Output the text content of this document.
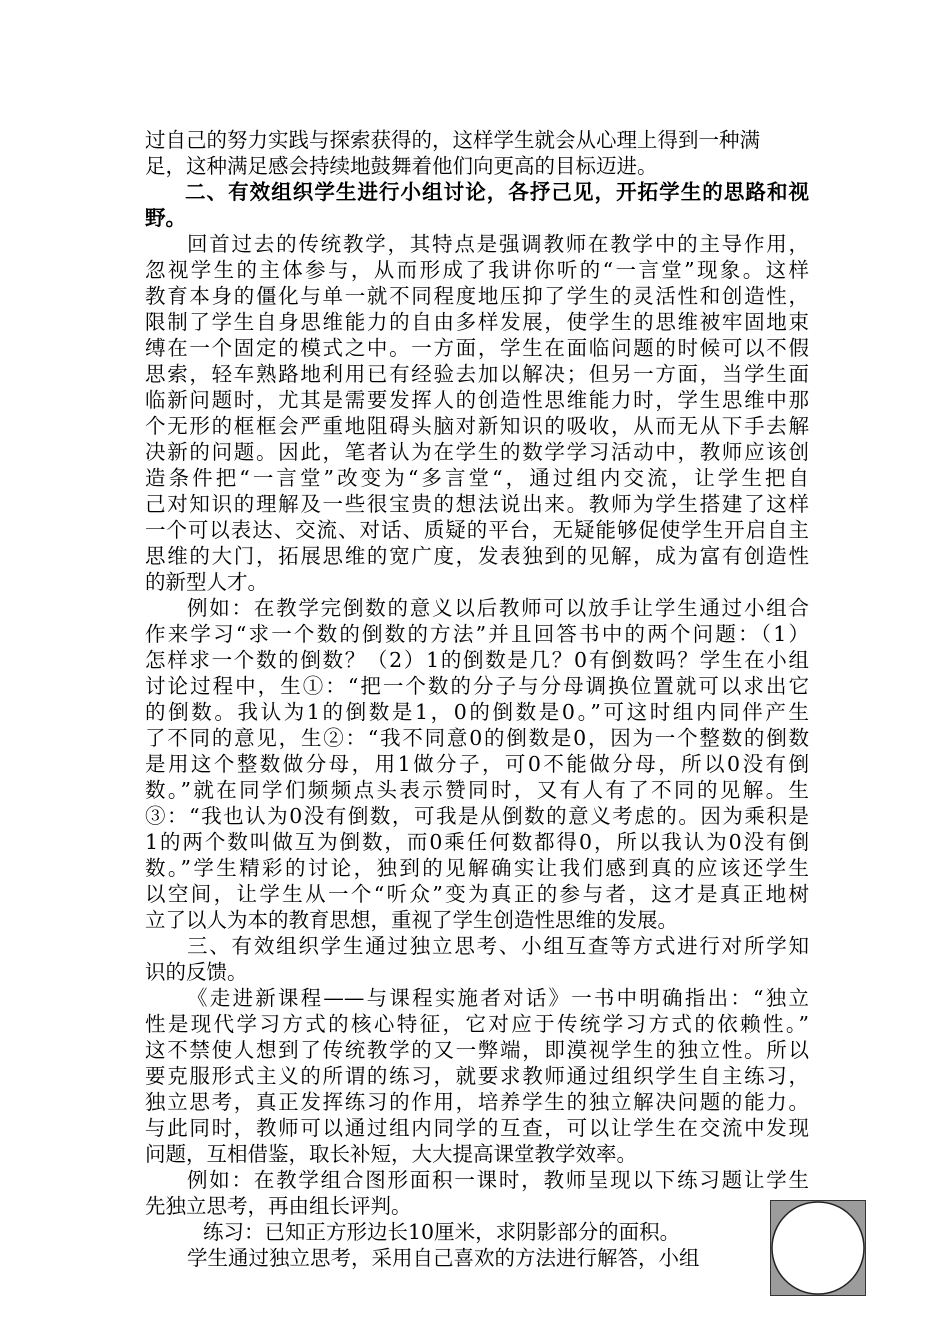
过自己的努力实践与探索获得的，这样学生就会从心理上得到一种满
足，这种满足感会持续地鼓舞着他们向更高的目标迈进。
二、有效组织学生进行小组讨论，各抒己见，开拓学生的思路和视
野。
回首过去的传统教学，其特点是强调教师在教学中的主导作用，
忽视学生的主体参与，从而形成了我讲你听的“一言堂”现象。这样
教育本身的僵化与单一就不同程度地压抑了学生的灵活性和创造性，
限制了学生自身思维能力的自由多样发展，使学生的思维被牢固地束
缚在一个固定的模式之中。一方面，学生在面临问题的时候可以不假
思索，轻车熟路地利用已有经验去加以解决；但另一方面，当学生面
临新问题时，尤其是需要发挥人的创造性思维能力时，学生思维中那
个无形的框框会严重地阻碍头脑对新知识的吸收，从而无从下手去解
决新的问题。因此，笔者认为在学生的数学学习活动中，教师应该创
造条件把“一言堂”改变为“多言堂“，通过组内交流，让学生把自
己对知识的理解及一些很宝贵的想法说出来。教师为学生搭建了这样
一个可以表达、交流、对话、质疑的平台，无疑能够促使学生开启自主
思维的大门，拓展思维的宽广度，发表独到的见解，成为富有创造性
的新型人才。
例如：在教学完倒数的意义以后教师可以放手让学生通过小组合
作来学习“求一个数的倒数的方法”并且回答书中的两个问题：（1）
怎样求一个数的倒数？（2）1的倒数是几？0有倒数吗？学生在小组
讨论过程中，生①：“把一个数的分子与分母调换位置就可以求出它
的倒数。我认为1的倒数是1，0的倒数是0。”可这时组内同伴产生
了不同的意见，生②：“我不同意0的倒数是0，因为一个整数的倒数
是用这个整数做分母，用1做分子，可0不能做分母，所以0没有倒
数。”就在同学们频频点头表示赞同时，又有人有了不同的见解。生
③：“我也认为0没有倒数，可我是从倒数的意义考虑的。因为乘积是
1的两个数叫做互为倒数，而0乘任何数都得0，所以我认为0没有倒
数。”学生精彩的讨论，独到的见解确实让我们感到真的应该还学生
以空间，让学生从一个“听众”变为真正的参与者，这才是真正地树
立了以人为本的教育思想，重视了学生创造性思维的发展。
三、有效组织学生通过独立思考、小组互查等方式进行对所学知
识的反馈。
《走进新课程——与课程实施者对话》一书中明确指出：“独立
性是现代学习方式的核心特征，它对应于传统学习方式的依赖性。”
这不禁使人想到了传统教学的又一弊端，即漠视学生的独立性。所以
要克服形式主义的所谓的练习，就要求教师通过组织学生自主练习，
独立思考，真正发挥练习的作用，培养学生的独立解决问题的能力。
与此同时，教师可以通过组内同学的互查，可以让学生在交流中发现
问题，互相借鉴，取长补短，大大提高课堂教学效率。
例如：在教学组合图形面积一课时，教师呈现以下练习题让学生
先独立思考，再由组长评判。
练习：已知正方形边长10厘米，求阴影部分的面积。
学生通过独立思考，采用自己喜欢的方法进行解答，小组
